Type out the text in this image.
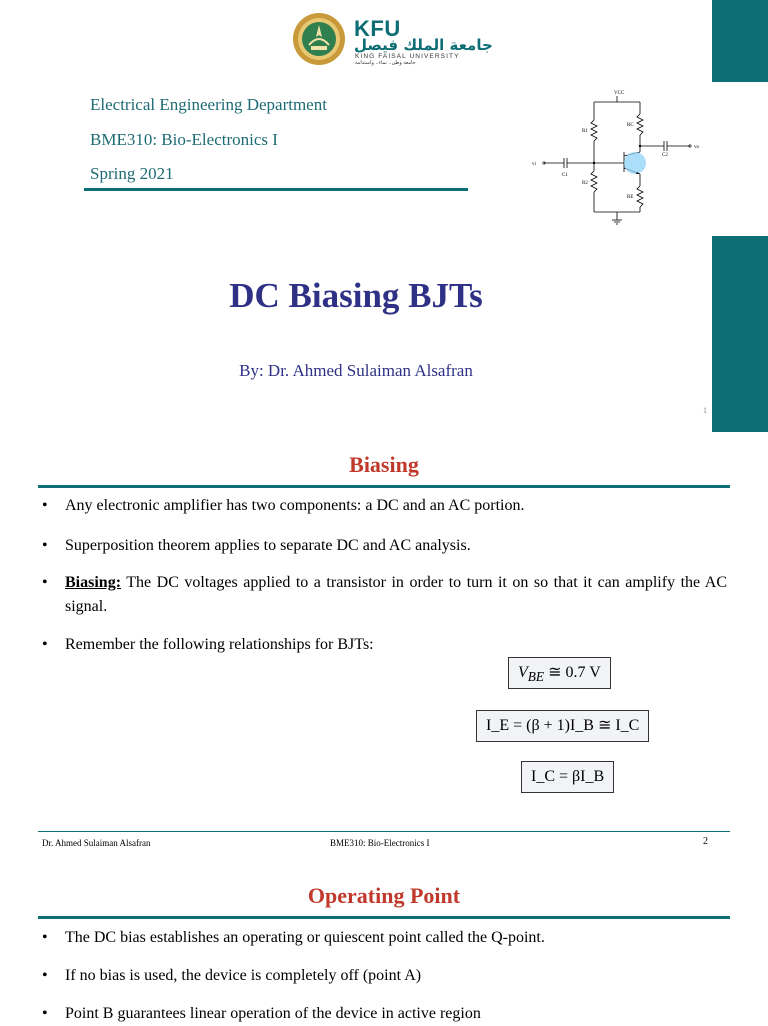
KFU
جامعة الملك فيصل
KING FAISAL UNIVERSITY
جامعة وطن.. نماء.. واستدامة
Electrical Engineering Department
BME310: Bio-Electronics I
Spring 2021
VCC
R1
RC
C2
vo
vi
C1
R2
RE
DC Biasing BJTs
By: Dr. Ahmed Sulaiman Alsafran
1
Biasing
• Any electronic amplifier has two components: a DC and an AC portion.
• Superposition theorem applies to separate DC and AC analysis.
• Biasing: The DC voltages applied to a transistor in order to turn it on so that it can amplify the AC signal.
• Remember the following relationships for BJTs:
$V_{BE}$ ≅ 0.7 V
I_E = (β + 1)I_B ≅ I_C
I_C = βI_B
Dr. Ahmed Sulaiman Alsafran	BME310: Bio-Electronics I	2
Operating Point
• The DC bias establishes an operating or quiescent point called the Q-point.
• If no bias is used, the device is completely off (point A)
• Point B guarantees linear operation of the device in active region
